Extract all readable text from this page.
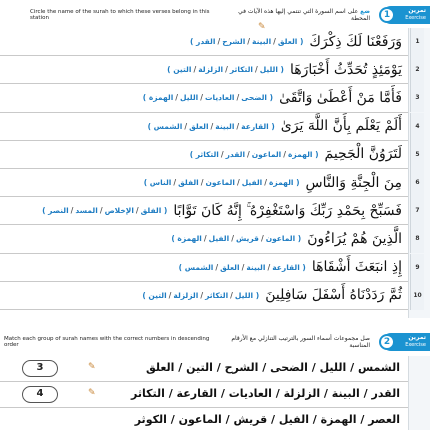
Circle the name of the surah to which these verses belong in this station
ضع على اسم السورة التي تنتمي إليها هذه الآيات في المحطة	1	تمرين
Exercise
✎
1
وَرَفَعْنَا لَكَ ذِكْرَكَ
( العلق/البينة/الشرح/القدر )
2
يَوْمَئِذٍ تُحَدِّثُ أَخْبَارَهَا
( الليل/التكاثر/الزلزلة/التين )
3
فَأَمَّا مَنْ أَعْطَىٰ وَاتَّقَىٰ
( الضحى/العاديات/الليل/الهمزة )
4
أَلَمْ يَعْلَم بِأَنَّ اللَّهَ يَرَىٰ
( القارعة/البينة/العلق/الشمس )
5
لَتَرَوُنَّ الْجَحِيمَ
( الهمزة/الماعون/القدر/التكاثر )
6
مِنَ الْجِنَّةِ وَالنَّاسِ
( الهمزة/الفيل/الماعون/الفلق/الناس )
7
فَسَبِّحْ بِحَمْدِ رَبِّكَ وَاسْتَغْفِرْهُ ۚ إِنَّهُ كَانَ تَوَّابًا
( الفلق/الإخلاص/المسد/النصر )
8
الَّذِينَ هُمْ يُرَاءُونَ
( الماعون/قريش/الفيل/الهمزة )
9
إِذِ انبَعَثَ أَشْقَاهَا
( القارعة/البينة/العلق/الشمس )
10
ثُمَّ رَدَدْنَاهُ أَسْفَلَ سَافِلِينَ
( الليل/التكاثر/الزلزلة/التين )
Match each group of surah names with the correct numbers in descending order
صل مجموعات أسماء السور بالترتيب التنازلي مع الأرقام المناسبة	2	تمرين
Exercise
3	✎	الشمس / الليل / الضحى / الشرح / التين / العلق
4	✎	القدر / البينة / الزلزلة / العاديات / القارعة / التكاثر
العصر / الهمزة / الفيل / قريش / الماعون / الكوثر
